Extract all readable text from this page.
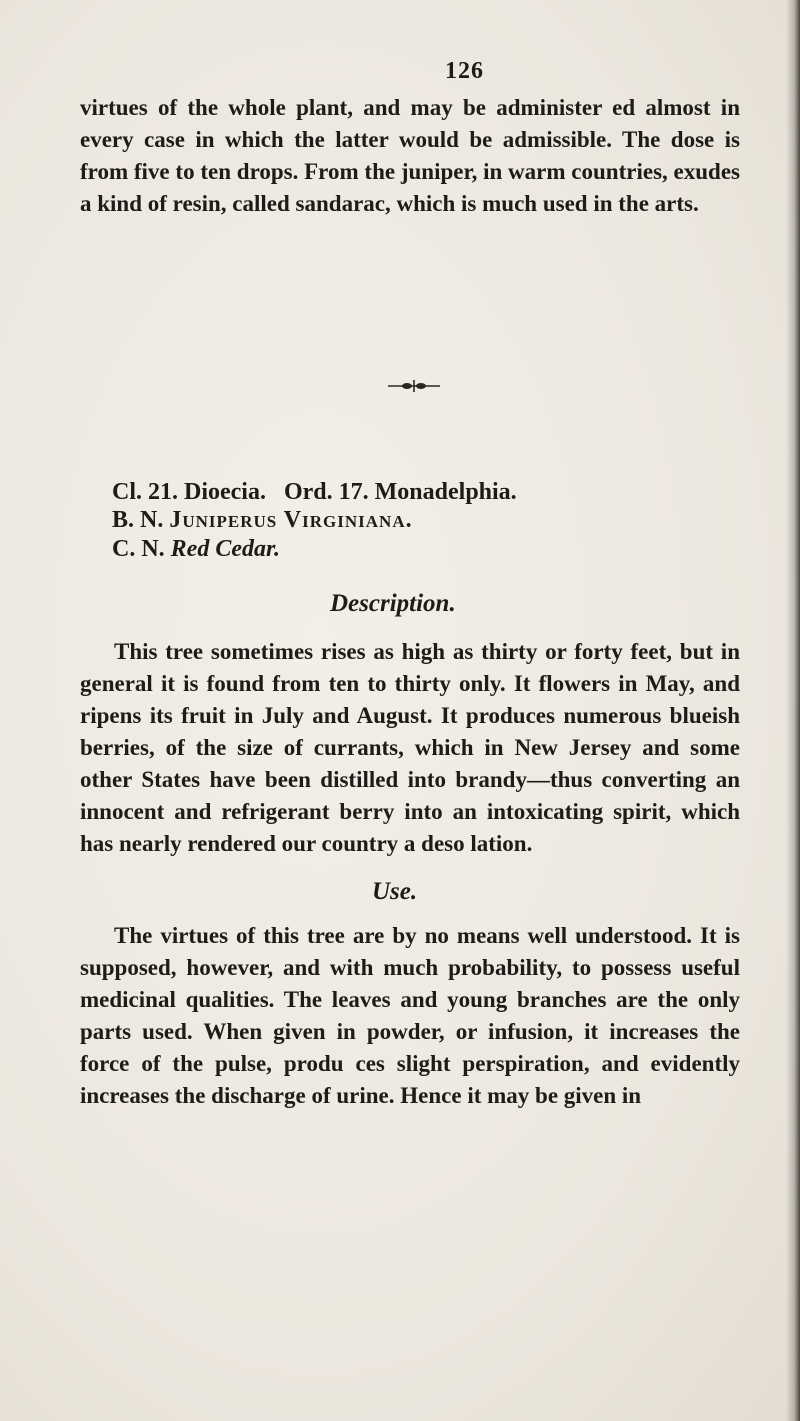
126

virtues of the whole plant, and may be administer ed almost in every case in which the latter would be admissible. The dose is from five to ten drops. From the juniper, in warm countries, exudes a kind of resin, called sandarac, which is much used in the arts.

Cl. 21. Dioecia. Ord. 17. Monadelphia.
B. N. Juniperus Virginiana.
C. N. Red Cedar.
Description.

This tree sometimes rises as high as thirty or forty feet, but in general it is found from ten to thirty only. It flowers in May, and ripens its fruit in July and August. It produces numerous blueish berries, of the size of currants, which in New Jersey and some other States have been distilled into brandy—thus converting an innocent and refrigerant berry into an intoxicating spirit, which has nearly rendered our country a deso lation.

Use.

The virtues of this tree are by no means well understood. It is supposed, however, and with much probability, to possess useful medicinal qualities. The leaves and young branches are the only parts used. When given in powder, or infusion, it increases the force of the pulse, produ ces slight perspiration, and evidently increases the discharge of urine. Hence it may be given in
